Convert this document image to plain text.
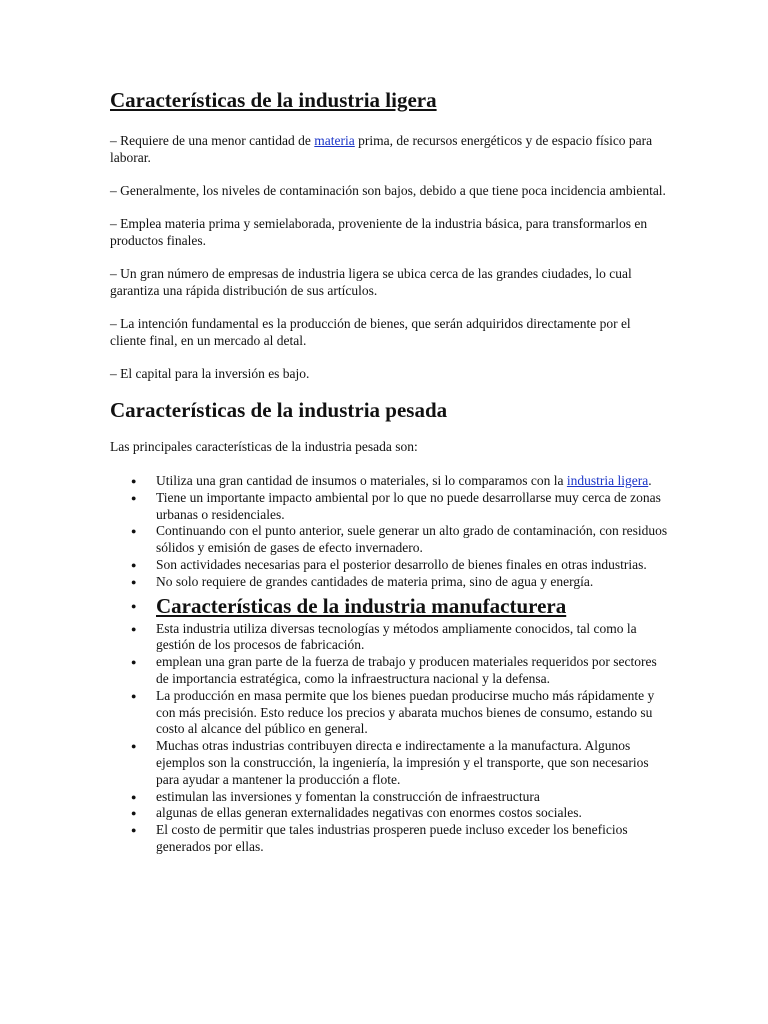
Características de la industria ligera

– Requiere de una menor cantidad de materia prima, de recursos energéticos y de espacio físico para laborar.

– Generalmente, los niveles de contaminación son bajos, debido a que tiene poca incidencia ambiental.

– Emplea materia prima y semielaborada, proveniente de la industria básica, para transformarlos en productos finales.

– Un gran número de empresas de industria ligera se ubica cerca de las grandes ciudades, lo cual garantiza una rápida distribución de sus artículos.

– La intención fundamental es la producción de bienes, que serán adquiridos directamente por el cliente final, en un mercado al detal.

– El capital para la inversión es bajo.

Características de la industria pesada

Las principales características de la industria pesada son:

● Utiliza una gran cantidad de insumos o materiales, si lo comparamos con la industria ligera.
● Tiene un importante impacto ambiental por lo que no puede desarrollarse muy cerca de zonas urbanas o residenciales.
● Continuando con el punto anterior, suele generar un alto grado de contaminación, con residuos sólidos y emisión de gases de efecto invernadero.
● Son actividades necesarias para el posterior desarrollo de bienes finales en otras industrias.
● No solo requiere de grandes cantidades de materia prima, sino de agua y energía.
● Características de la industria manufacturera
● Esta industria utiliza diversas tecnologías y métodos ampliamente conocidos, tal como la gestión de los procesos de fabricación.
● emplean una gran parte de la fuerza de trabajo y producen materiales requeridos por sectores de importancia estratégica, como la infraestructura nacional y la defensa.
● La producción en masa permite que los bienes puedan producirse mucho más rápidamente y con más precisión. Esto reduce los precios y abarata muchos bienes de consumo, estando su costo al alcance del público en general.
● Muchas otras industrias contribuyen directa e indirectamente a la manufactura. Algunos ejemplos son la construcción, la ingeniería, la impresión y el transporte, que son necesarios para ayudar a mantener la producción a flote.
● estimulan las inversiones y fomentan la construcción de infraestructura
● algunas de ellas generan externalidades negativas con enormes costos sociales.
● El costo de permitir que tales industrias prosperen puede incluso exceder los beneficios generados por ellas.
